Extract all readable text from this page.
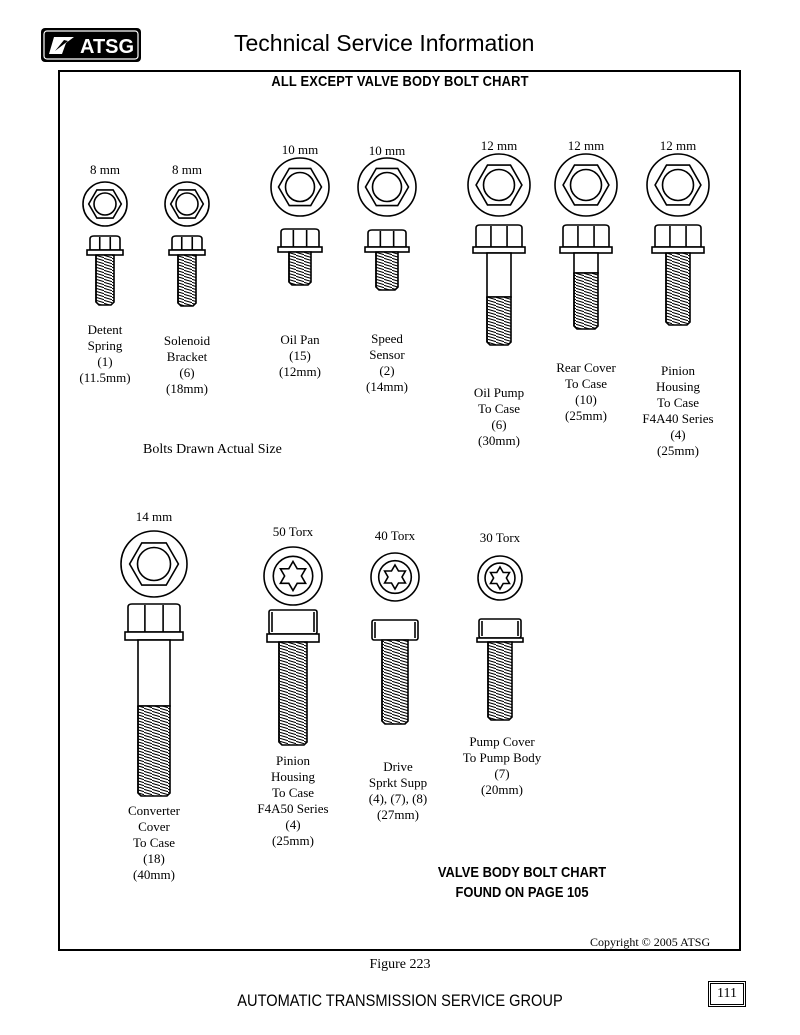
ATSG	Technical Service Information
ALL EXCEPT VALVE BODY BOLT CHART
8 mm	8 mm
10 mm	10 mm	12 mm	12 mm	12 mm
14 mm
50 Torx	40 Torx	30 Torx
Detent
Spring
(1)
(11.5mm)
Solenoid
Bracket
(6)
(18mm)
Oil Pan
(15)
(12mm)
Speed
Sensor
(2)
(14mm)	Oil Pump
To Case
(6)
(30mm)
Rear Cover
To Case
(10)
(25mm)
Pinion
Housing
To Case
F4A40 Series
(4)
(25mm)
Converter
Cover
To Case
(18)
(40mm)
Pinion
Housing
To Case
F4A50 Series
(4)
(25mm)
Drive
Sprkt Supp
(4), (7), (8)
(27mm)
Pump Cover
To Pump Body
(7)
(20mm)
Bolts Drawn Actual Size
VALVE BODY BOLT CHART
FOUND ON PAGE 105
Copyright © 2005 ATSG
Figure 223
AUTOMATIC TRANSMISSION SERVICE GROUP	111
